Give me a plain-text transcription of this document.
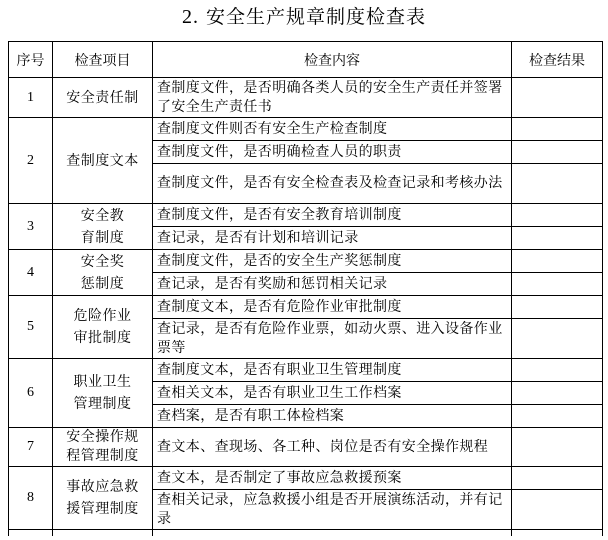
2. 安全生产规章制度检查表
序号	检查项目	检查内容	检查结果
1	安全责任制	查制度文件，是否明确各类人员的安全生产责任并签署了安全生产责任书	
2	查制度文本	查制度文件则否有安全生产检查制度	
		查制度文件，是否明确检查人员的职责	
		查制度文件，是否有安全检查表及检查记录和考核办法	
3	安全教育制度	查制度文件，是否有安全教育培训制度	
		查记录，是否有计划和培训记录	
4	安全奖惩制度	查制度文件，是否的安全生产奖惩制度	
		查记录，是否有奖励和惩罚相关记录	
5	危险作业审批制度	查制度文本，是否有危险作业审批制度	
		查记录，是否有危险作业票，如动火票、进入设备作业票等	
6	职业卫生管理制度	查制度文本，是否有职业卫生管理制度	
		查相关文本，是否有职业卫生工作档案	
		查档案，是否有职工体检档案	
7	安全操作规程管理制度	查文本、查现场、各工种、岗位是否有安全操作规程	
8	事故应急救援管理制度	查文本，是否制定了事故应急救援预案	
		查相关记录，应急救援小组是否开展演练活动，并有记录	
